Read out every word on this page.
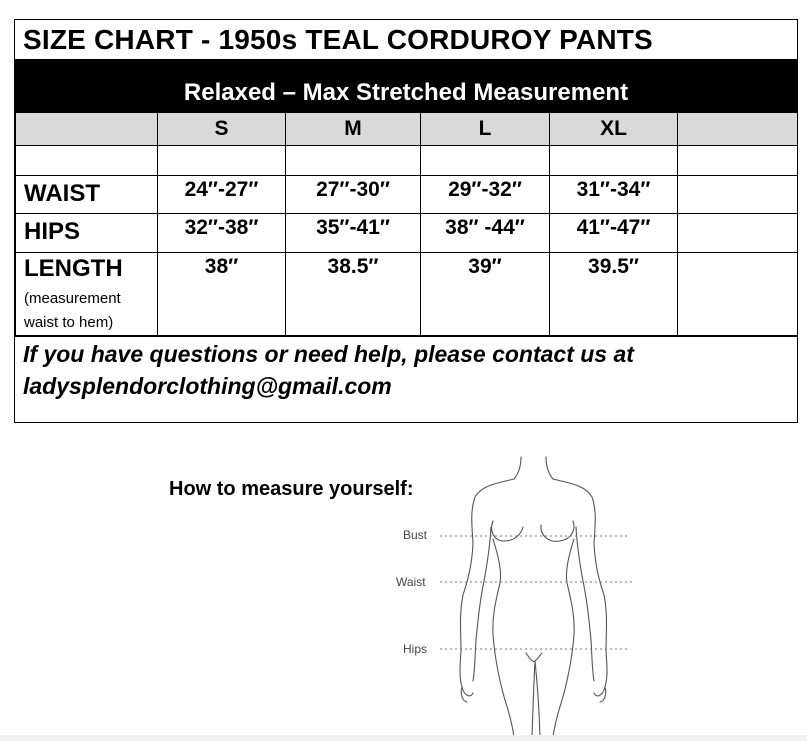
SIZE CHART - 1950s TEAL CORDUROY PANTS
Relaxed – Max Stretched Measurement
	S	M	L	XL	

WAIST	24″-27″	27″-30″	29″-32″	31″-34″	
HIPS	32″-38″	35″-41″	38″ -44″	41″-47″	
LENGTH
(measurement waist to hem)	38″	38.5″	39″	39.5″	
If you have questions or need help, please contact us at
ladysplendorclothing@gmail.com
How to measure yourself:
Bust
Waist
Hips
